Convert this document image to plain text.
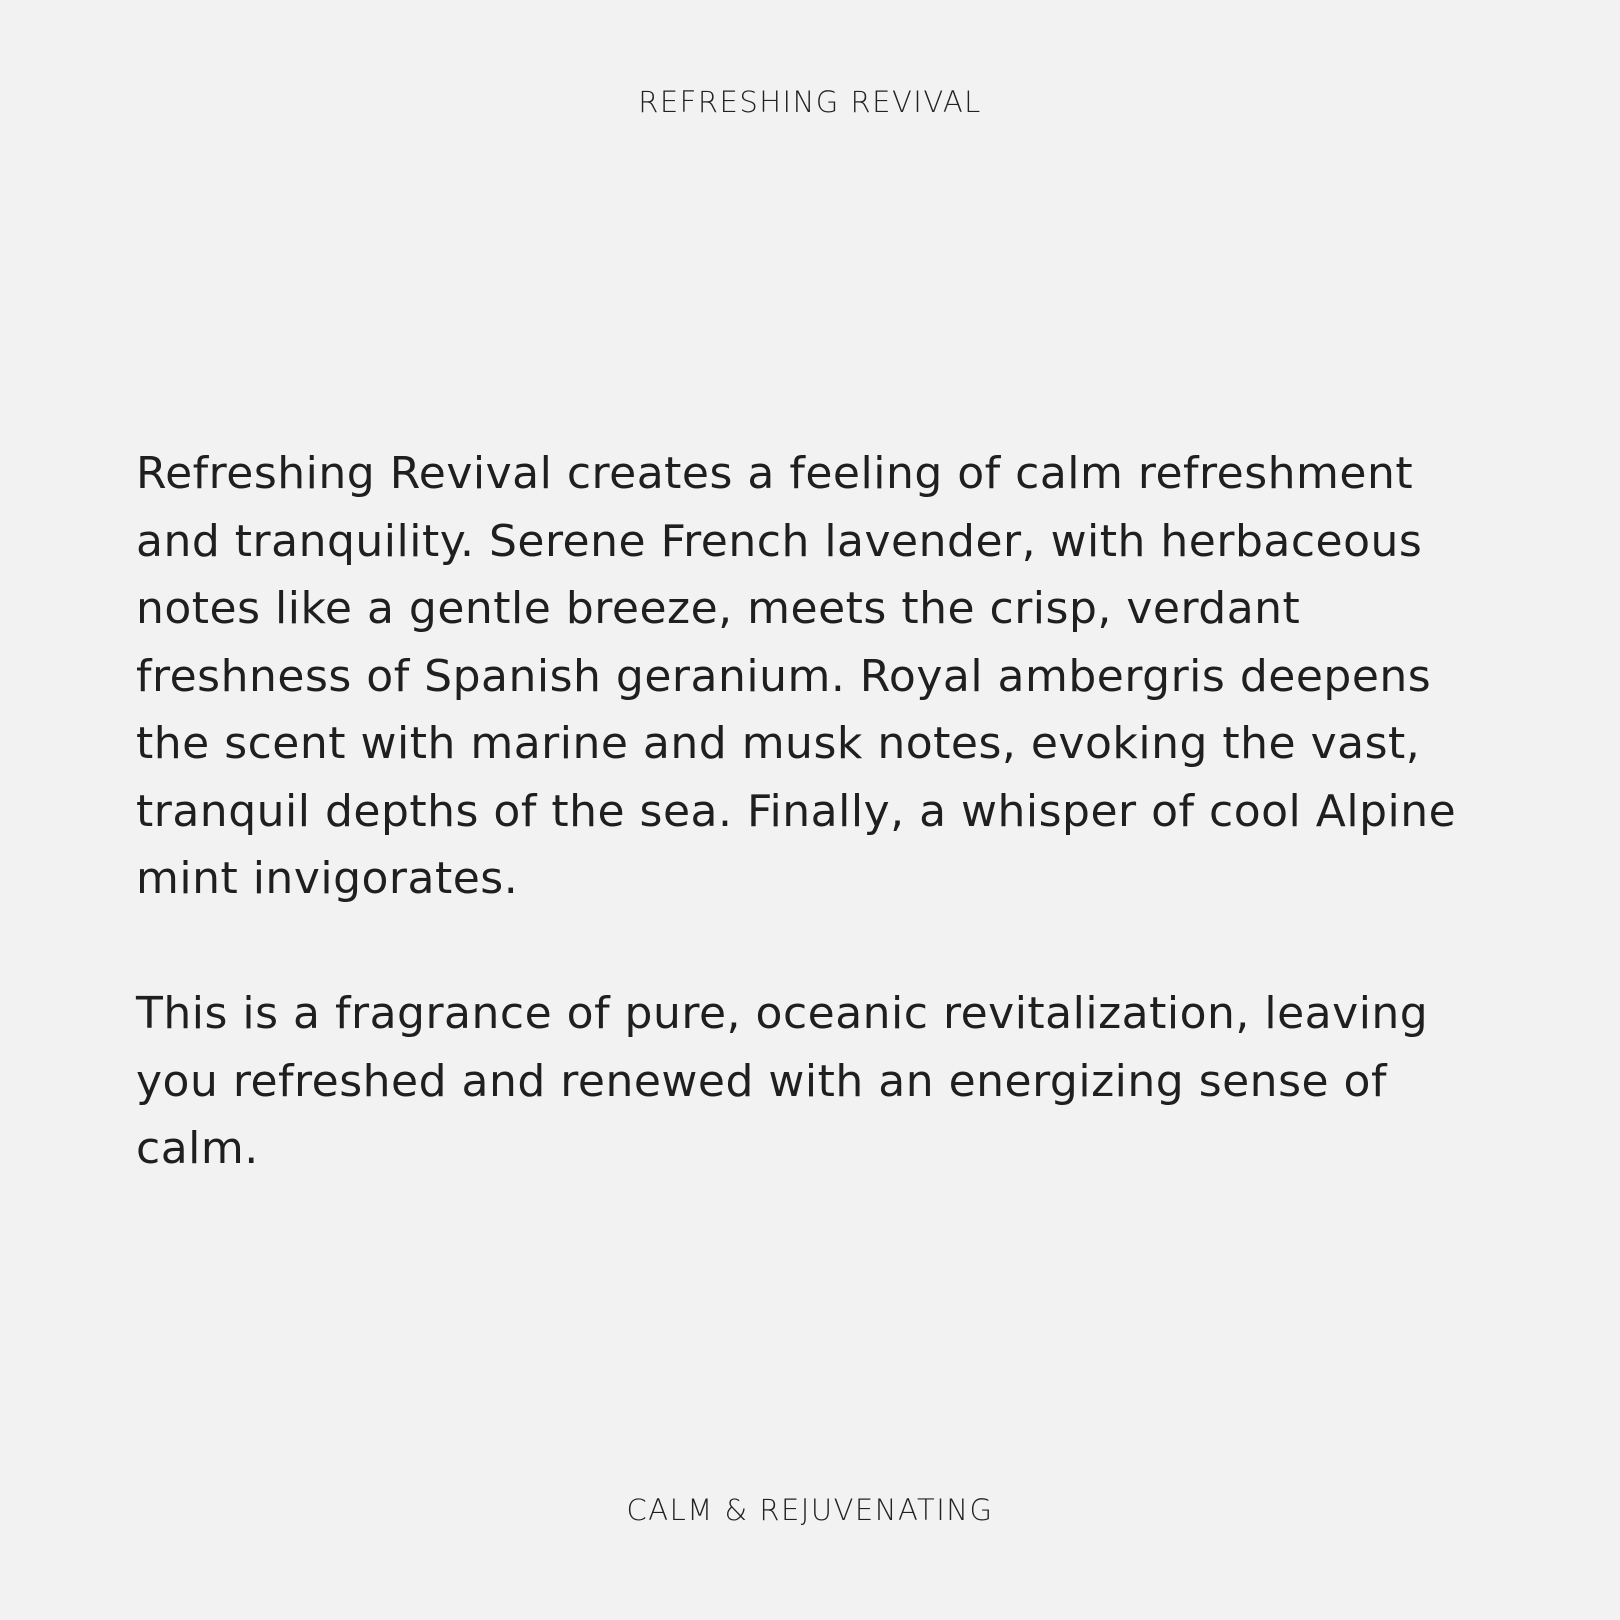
REFRESHING REVIVAL

Refreshing Revival creates a feeling of calm refreshment and tranquility. Serene French lavender, with herbaceous notes like a gentle breeze, meets the crisp, verdant freshness of Spanish geranium. Royal ambergris deepens the scent with marine and musk notes, evoking the vast, tranquil depths of the sea. Finally, a whisper of cool Alpine mint invigorates.

This is a fragrance of pure, oceanic revitalization, leaving you refreshed and renewed with an energizing sense of calm.

CALM & REJUVENATING
